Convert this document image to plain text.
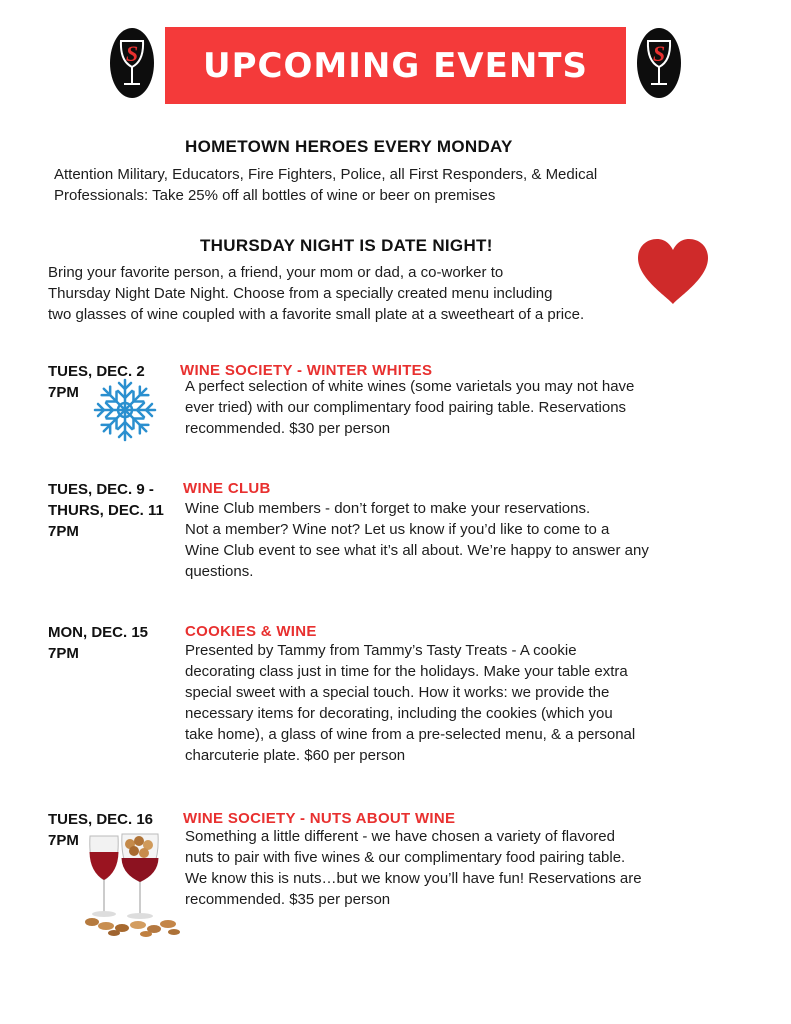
S UPCOMING EVENTS	S
HOMETOWN HEROES EVERY MONDAY
Attention Military, Educators, Fire Fighters, Police, all First Responders, & Medical
Professionals: Take 25% off all bottles of wine or beer on premises
THURSDAY NIGHT IS DATE NIGHT!
Bring your favorite person, a friend, your mom or dad, a co-worker to
Thursday Night Date Night. Choose from a specially created menu including
two glasses of wine coupled with a favorite small plate at a sweetheart of a price.
TUES, DEC. 2
7PM
WINE SOCIETY - WINTER WHITES
A perfect selection of white wines (some varietals you may not have
ever tried) with our complimentary food pairing table. Reservations
recommended. $30 per person
TUES, DEC. 9 -
THURS, DEC. 11
7PM
WINE CLUB
Wine Club members - don’t forget to make your reservations.
Not a member? Wine not? Let us know if you’d like to come to a
Wine Club event to see what it’s all about. We’re happy to answer any
questions.
MON, DEC. 15
7PM
COOKIES & WINE
Presented by Tammy from Tammy’s Tasty Treats - A cookie
decorating class just in time for the holidays. Make your table extra
special sweet with a special touch. How it works: we provide the
necessary items for decorating, including the cookies (which you
take home), a glass of wine from a pre-selected menu, & a personal
charcuterie plate. $60 per person
TUES, DEC. 16
7PM
WINE SOCIETY - NUTS ABOUT WINE
Something a little different - we have chosen a variety of flavored
nuts to pair with five wines & our complimentary food pairing table.
We know this is nuts…but we know you’ll have fun! Reservations are
recommended. $35 per person
